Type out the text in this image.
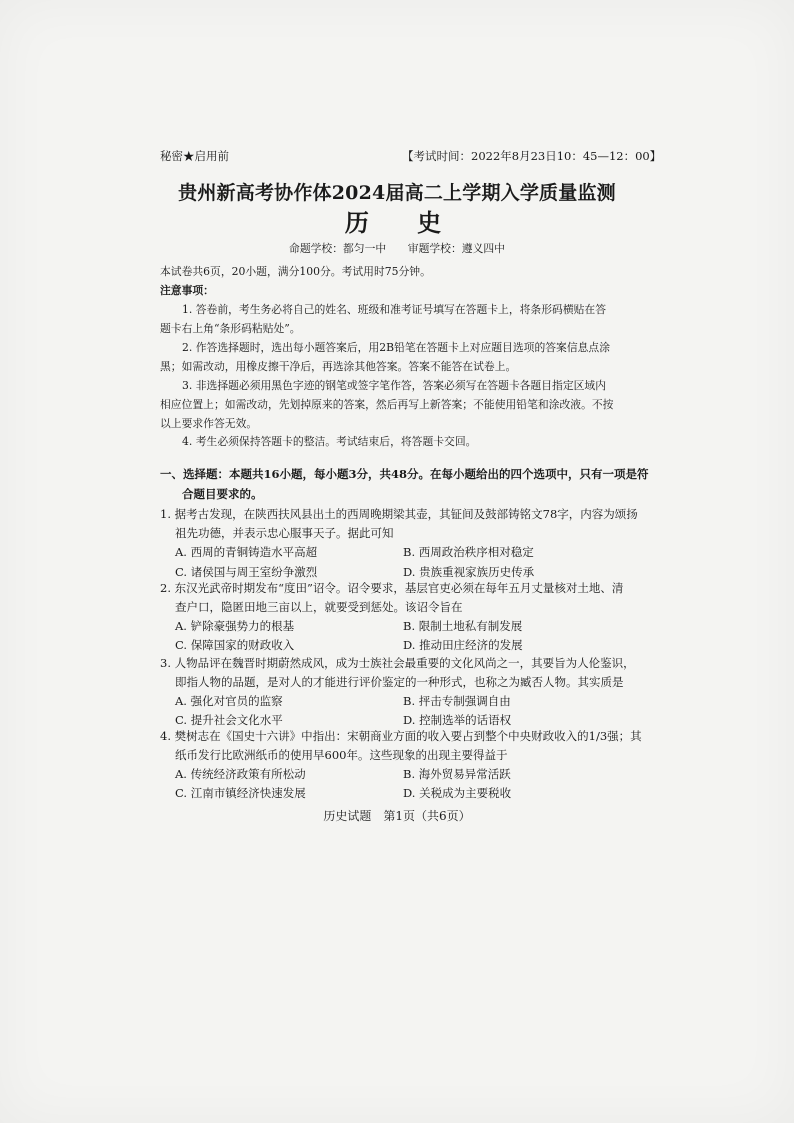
秘密★启用前	【考试时间：2022年8月23日10：45—12：00】
贵州新高考协作体2024届高二上学期入学质量监测
历 史
命题学校：都匀一中　　审题学校：遵义四中
本试卷共6页，20小题，满分100分。考试用时75分钟。
注意事项：
1. 答卷前，考生务必将自己的姓名、班级和准考证号填写在答题卡上，将条形码横贴在答
题卡右上角“条形码粘贴处”。
2. 作答选择题时，选出每小题答案后，用2B铅笔在答题卡上对应题目选项的答案信息点涂
黑；如需改动，用橡皮擦干净后，再选涂其他答案。答案不能答在试卷上。
3. 非选择题必须用黑色字迹的钢笔或签字笔作答，答案必须写在答题卡各题目指定区域内
相应位置上；如需改动，先划掉原来的答案，然后再写上新答案；不能使用铅笔和涂改液。不按
以上要求作答无效。
4. 考生必须保持答题卡的整洁。考试结束后，将答题卡交回。
一、选择题：本题共16小题，每小题3分，共48分。在每小题给出的四个选项中，只有一项是符
合题目要求的。
1. 据考古发现，在陕西扶风县出土的西周晚期梁其壶，其钲间及鼓部铸铭文78字，内容为颂扬
祖先功德，并表示忠心服事天子。据此可知
A. 西周的青铜铸造水平高超	B. 西周政治秩序相对稳定
C. 诸侯国与周王室纷争激烈	D. 贵族重视家族历史传承
2. 东汉光武帝时期发布“度田”诏令。诏令要求，基层官吏必须在每年五月丈量核对土地、清
查户口，隐匿田地三亩以上，就要受到惩处。该诏令旨在
A. 铲除豪强势力的根基	B. 限制土地私有制发展
C. 保障国家的财政收入	D. 推动田庄经济的发展
3. 人物品评在魏晋时期蔚然成风，成为士族社会最重要的文化风尚之一，其要旨为人伦鉴识，
即指人物的品题，是对人的才能进行评价鉴定的一种形式，也称之为臧否人物。其实质是
A. 强化对官员的监察	B. 抨击专制强调自由
C. 提升社会文化水平	D. 控制选举的话语权
4. 樊树志在《国史十六讲》中指出：宋朝商业方面的收入要占到整个中央财政收入的1/3强；其
纸币发行比欧洲纸币的使用早600年。这些现象的出现主要得益于
A. 传统经济政策有所松动	B. 海外贸易异常活跃
C. 江南市镇经济快速发展	D. 关税成为主要税收
历史试题　第1页（共6页）
